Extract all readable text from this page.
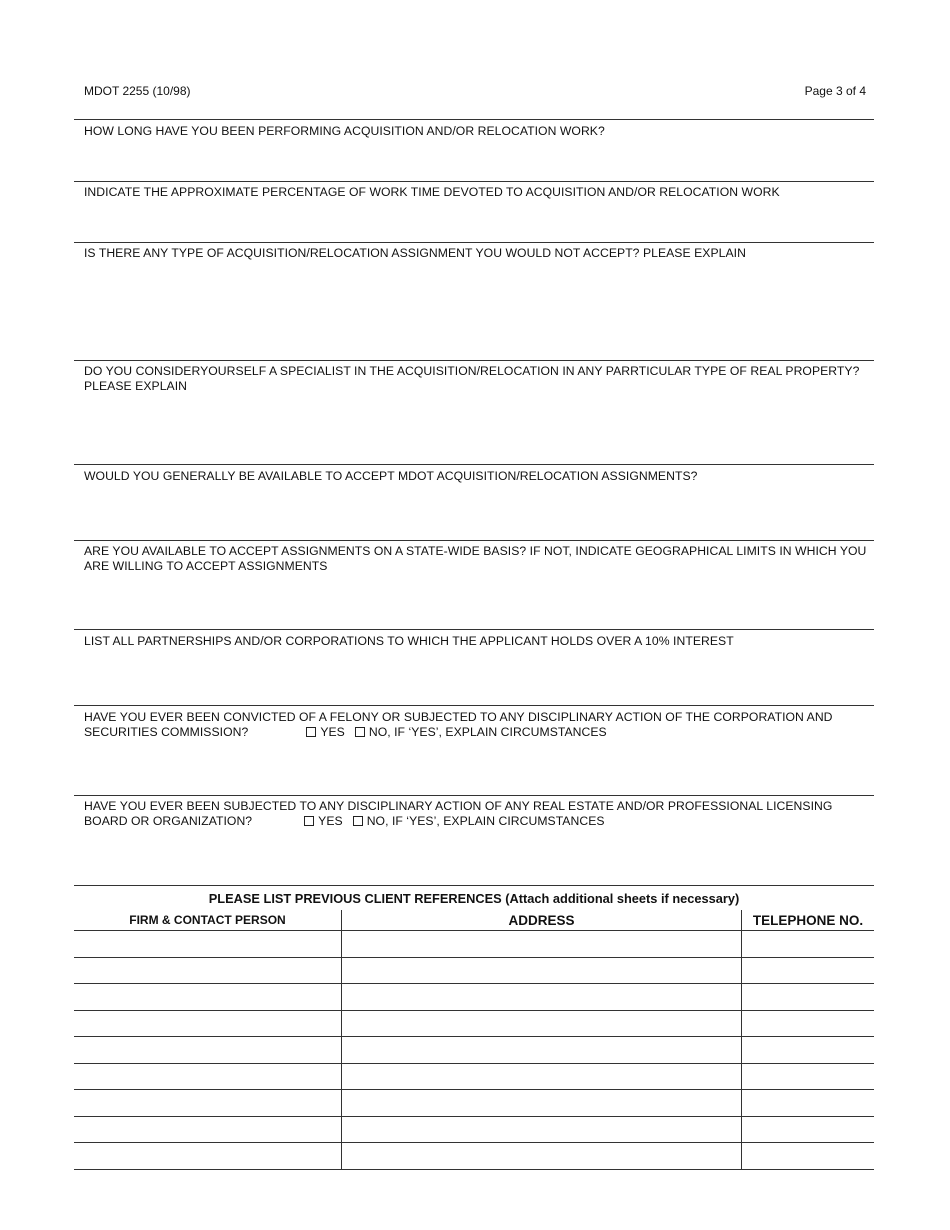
MDOT 2255 (10/98)	Page 3 of 4
HOW LONG HAVE YOU BEEN PERFORMING ACQUISITION AND/OR RELOCATION WORK?
INDICATE THE APPROXIMATE PERCENTAGE OF WORK TIME DEVOTED TO ACQUISITION AND/OR RELOCATION WORK
IS THERE ANY TYPE OF ACQUISITION/RELOCATION ASSIGNMENT YOU WOULD NOT ACCEPT? PLEASE EXPLAIN
DO YOU CONSIDERYOURSELF A SPECIALIST IN THE ACQUISITION/RELOCATION IN ANY PARRTICULAR TYPE OF REAL PROPERTY? PLEASE EXPLAIN
WOULD YOU GENERALLY BE AVAILABLE TO ACCEPT MDOT ACQUISITION/RELOCATION ASSIGNMENTS?
ARE YOU AVAILABLE TO ACCEPT ASSIGNMENTS ON A STATE-WIDE BASIS? IF NOT, INDICATE GEOGRAPHICAL LIMITS IN WHICH YOU ARE WILLING TO ACCEPT ASSIGNMENTS
LIST ALL PARTNERSHIPS AND/OR CORPORATIONS TO WHICH THE APPLICANT HOLDS OVER A 10% INTEREST
HAVE YOU EVER BEEN CONVICTED OF A FELONY OR SUBJECTED TO ANY DISCIPLINARY ACTION OF THE CORPORATION AND
SECURITIES COMMISSION?	YES NO, IF ‘YES’, EXPLAIN CIRCUMSTANCES
HAVE YOU EVER BEEN SUBJECTED TO ANY DISCIPLINARY ACTION OF ANY REAL ESTATE AND/OR PROFESSIONAL LICENSING
BOARD OR ORGANIZATION?	YES NO, IF ‘YES’, EXPLAIN CIRCUMSTANCES
PLEASE LIST PREVIOUS CLIENT REFERENCES (Attach additional sheets if necessary)
FIRM & CONTACT PERSON	ADDRESS	TELEPHONE NO.
